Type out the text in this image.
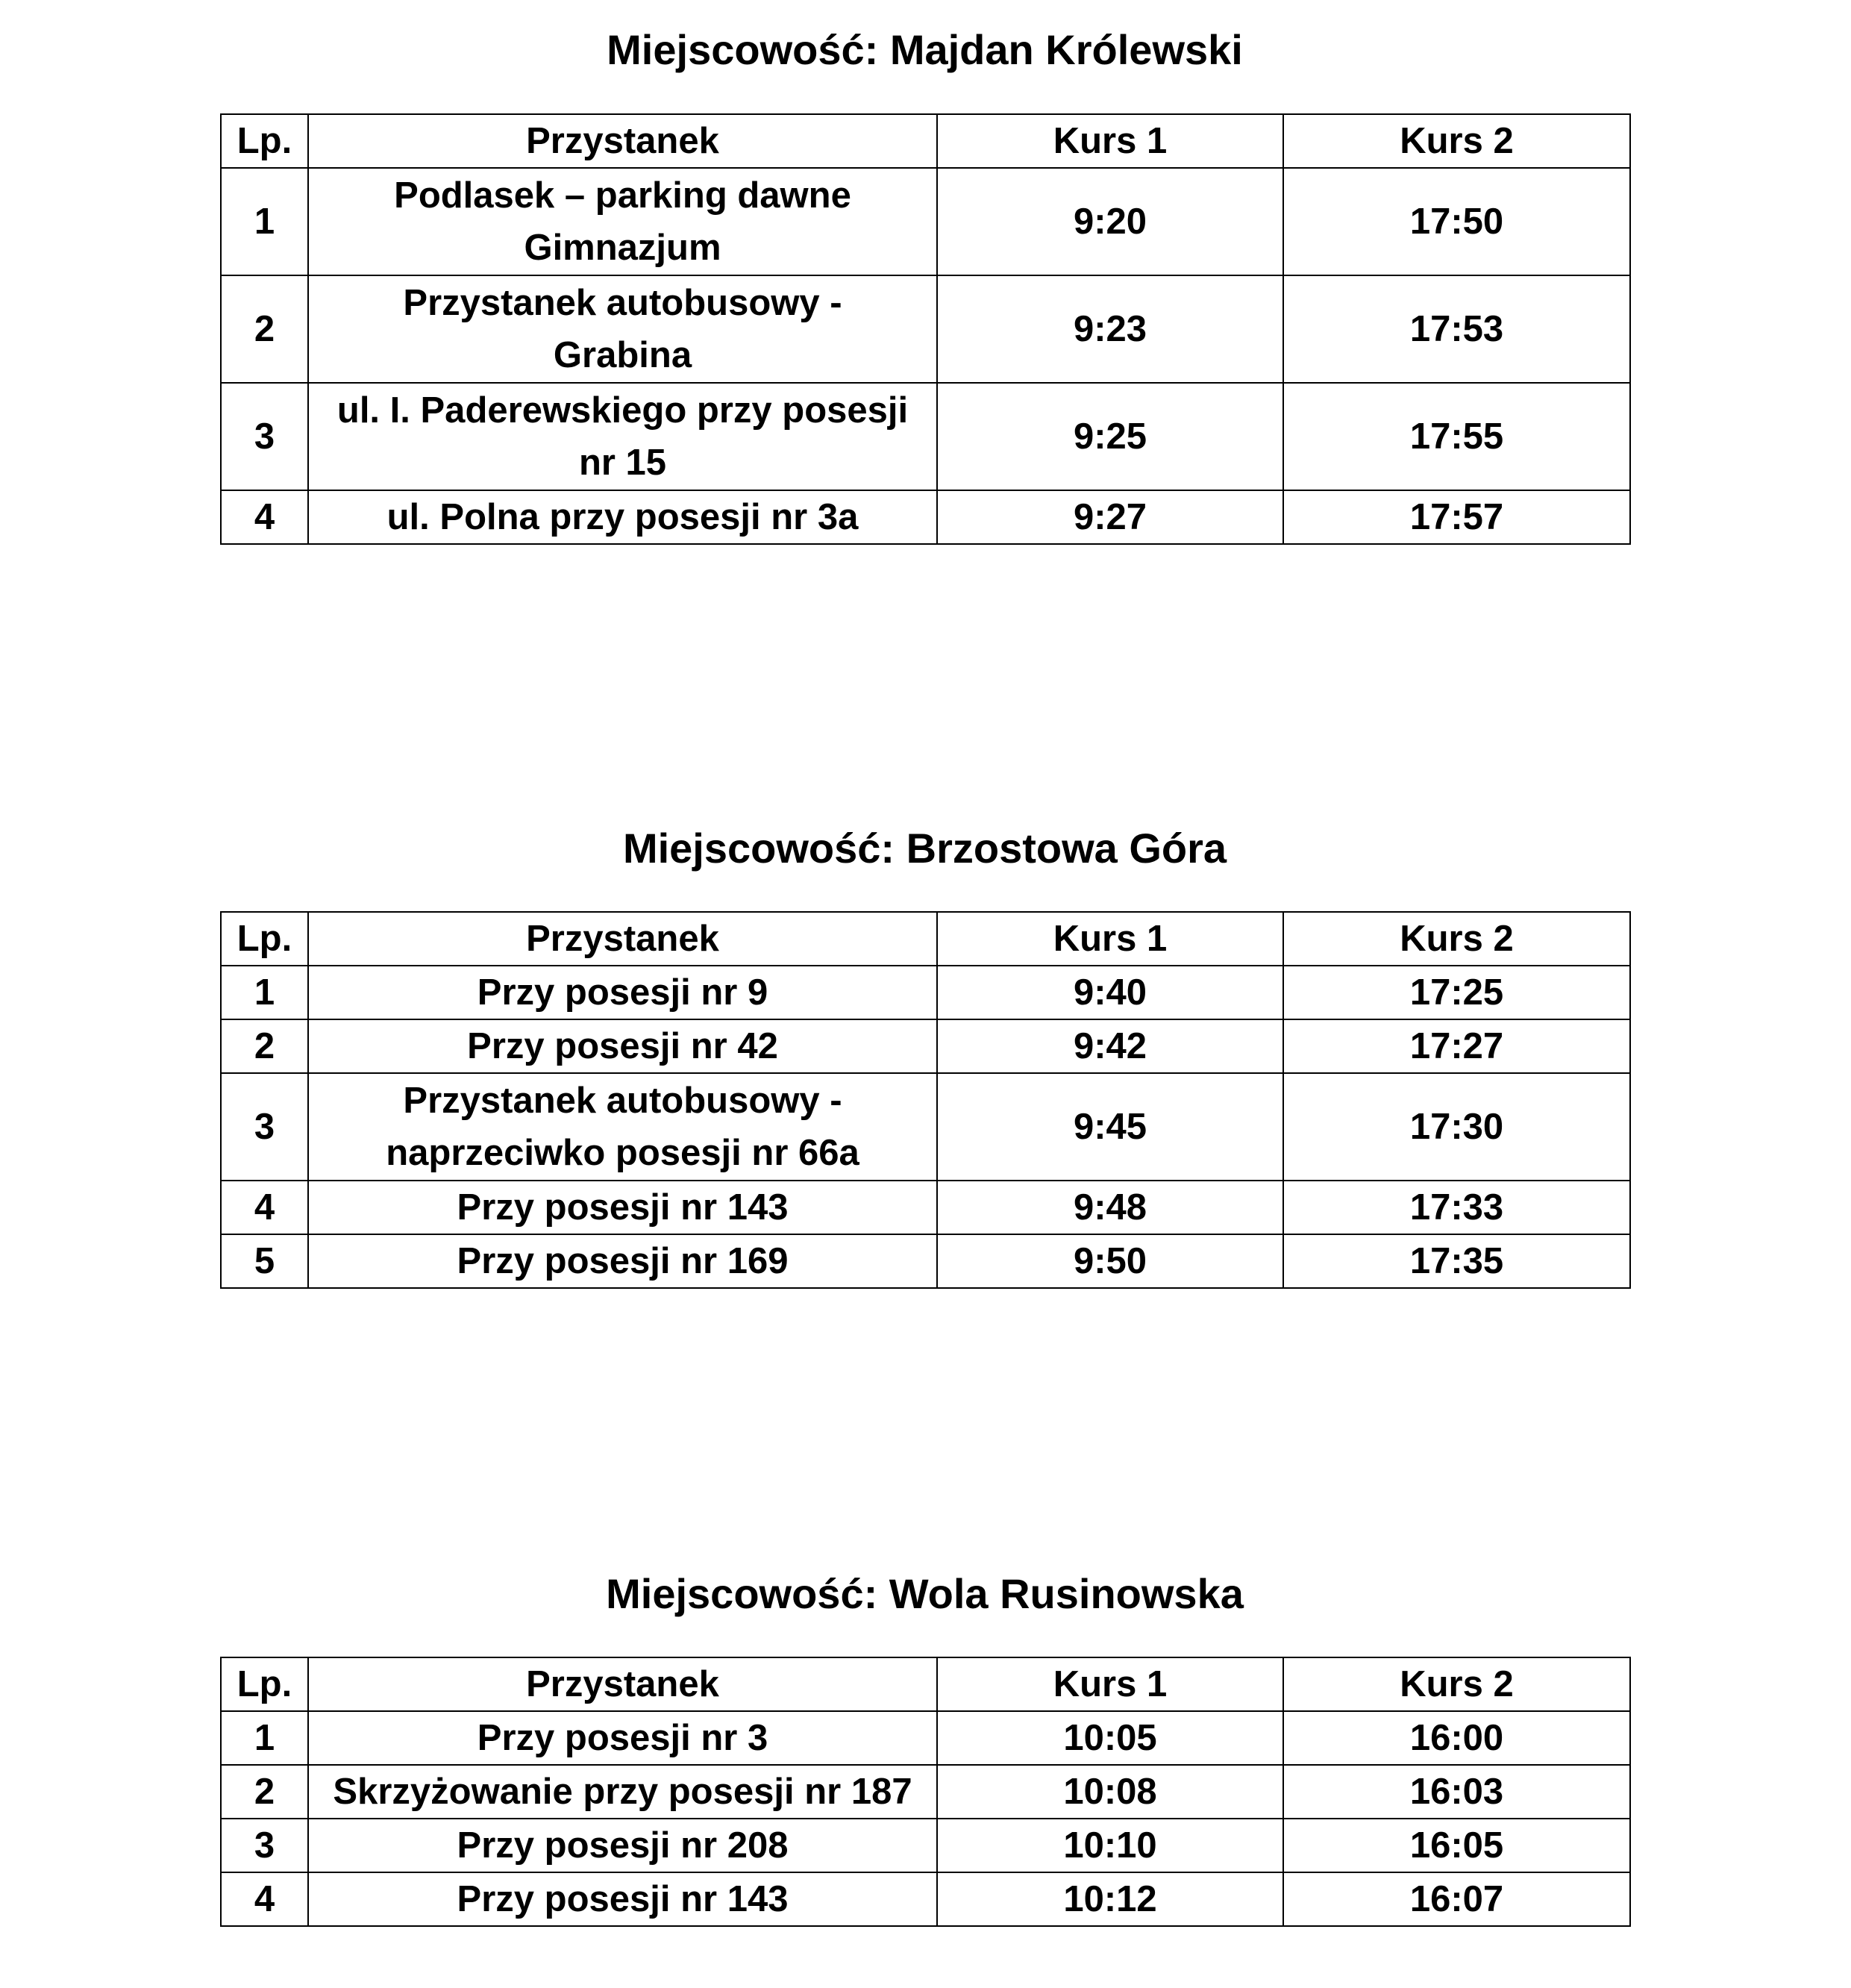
Miejscowość: Majdan Królewski
Lp.	Przystanek	Kurs 1	Kurs 2
1	Podlasek – parking dawne Gimnazjum	9:20	17:50
2	Przystanek autobusowy - Grabina	9:23	17:53
3	ul. I. Paderewskiego przy posesji nr 15	9:25	17:55
4	ul. Polna przy posesji nr 3a	9:27	17:57
Miejscowość: Brzostowa Góra
Lp.	Przystanek	Kurs 1	Kurs 2
1	Przy posesji nr 9	9:40	17:25
2	Przy posesji nr 42	9:42	17:27
3	Przystanek autobusowy - naprzeciwko posesji nr 66a	9:45	17:30
4	Przy posesji nr 143	9:48	17:33
5	Przy posesji nr 169	9:50	17:35
Miejscowość: Wola Rusinowska
Lp.	Przystanek	Kurs 1	Kurs 2
1	Przy posesji nr 3	10:05	16:00
2	Skrzyżowanie przy posesji nr 187	10:08	16:03
3	Przy posesji nr 208	10:10	16:05
4	Przy posesji nr 143	10:12	16:07
